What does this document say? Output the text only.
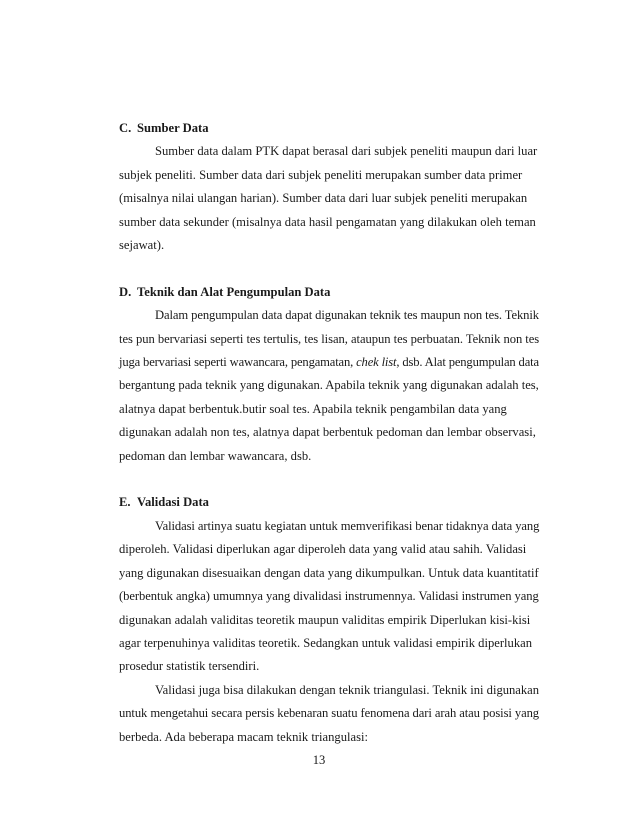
C. Sumber Data

Sumber data dalam PTK dapat berasal dari subjek peneliti maupun dari luar
subjek peneliti. Sumber data dari subjek peneliti merupakan sumber data primer
(misalnya nilai ulangan harian). Sumber data dari luar subjek peneliti merupakan
sumber data sekunder (misalnya data hasil pengamatan yang dilakukan oleh teman
sejawat).

D. Teknik dan Alat Pengumpulan Data

Dalam pengumpulan data dapat digunakan teknik tes maupun non tes. Teknik
tes pun bervariasi seperti tes tertulis, tes lisan, ataupun tes perbuatan. Teknik non tes
juga bervariasi seperti wawancara, pengamatan, chek list, dsb. Alat pengumpulan data
bergantung pada teknik yang digunakan. Apabila teknik yang digunakan adalah tes,
alatnya dapat berbentuk.butir soal tes. Apabila teknik pengambilan data yang
digunakan adalah non tes, alatnya dapat berbentuk pedoman dan lembar observasi,
pedoman dan lembar wawancara, dsb.

E. Validasi Data

Validasi artinya suatu kegiatan untuk memverifikasi benar tidaknya data yang
diperoleh. Validasi diperlukan agar diperoleh data yang valid atau sahih. Validasi
yang digunakan disesuaikan dengan data yang dikumpulkan. Untuk data kuantitatif
(berbentuk angka) umumnya yang divalidasi instrumennya. Validasi instrumen yang
digunakan adalah validitas teoretik maupun validitas empirik Diperlukan kisi-kisi
agar terpenuhinya validitas teoretik. Sedangkan untuk validasi empirik diperlukan
prosedur statistik tersendiri.

Validasi juga bisa dilakukan dengan teknik triangulasi. Teknik ini digunakan
untuk mengetahui secara persis kebenaran suatu fenomena dari arah atau posisi yang
berbeda. Ada beberapa macam teknik triangulasi:

13
